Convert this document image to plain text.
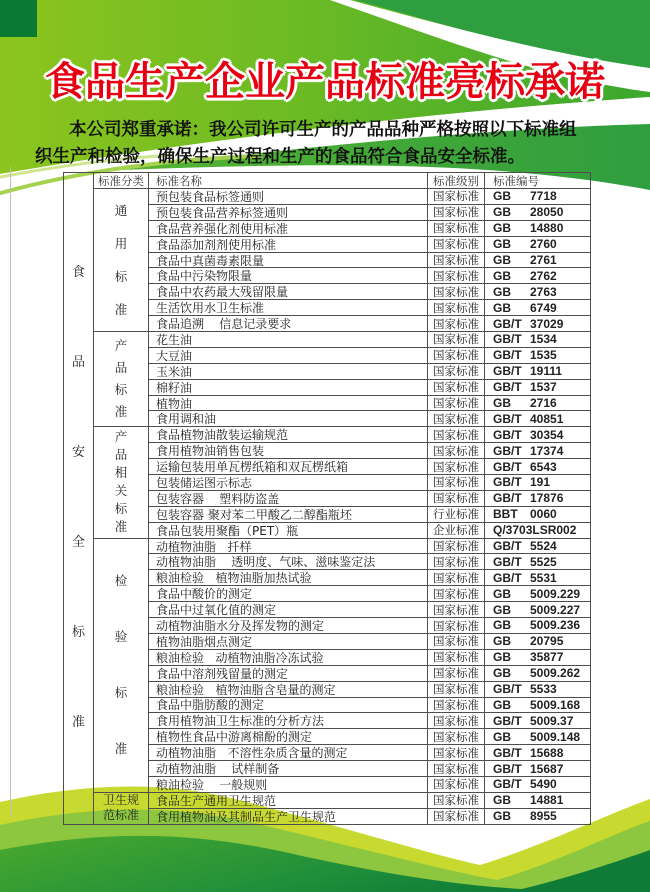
食品生产企业产品标准亮标承诺
本公司郑重承诺：我公司许可生产的产品品种严格按照以下标准组
织生产和检验，确保生产过程和生产的食品符合食品安全标准。
食品安全标准
标准分类	标准名称	标准级别	标准编号
通用标准
预包装食品标签通则	国家标准	GB	7718
预包装食品营养标签通则	国家标准	GB	28050
食品营养强化剂使用标准	国家标准	GB	14880
食品添加剂剂使用标准	国家标准	GB	2760
食品中真菌毒素限量	国家标准	GB	2761
食品中污染物限量	国家标准	GB	2762
食品中农药最大残留限量	国家标准	GB	2763
生活饮用水卫生标准	国家标准	GB	6749
食品追溯    信息记录要求	国家标准	GB/T 37029
产品标准
花生油	国家标准	GB/T 1534
大豆油	国家标准	GB/T 1535
玉米油	国家标准	GB/T 19111
棉籽油	国家标准	GB/T 1537
植物油	国家标准	GB	2716
食用调和油	国家标准	GB/T 40851
产品相关标准
食品植物油散装运输规范	国家标准	GB/T 30354
食用植物油销售包装	国家标准	GB/T 17374
运输包装用单瓦楞纸箱和双瓦楞纸箱	国家标准	GB/T 6543
包装储运图示标志	国家标准	GB/T 191
包装容器    塑料防盗盖	国家标准	GB/T 17876
包装容器 聚对苯二甲酸乙二醇酯瓶坯	行业标准	BBT	0060
食品包装用聚酯（PET）瓶	企业标准	Q/3703LSR 002
检验标准
动植物油脂   扦样	国家标准	GB/T 5524
动植物油脂    透明度、气味、滋味鉴定法	国家标准	GB/T 5525
粮油检验   植物油脂加热试验	国家标准	GB/T 5531
食品中酸价的测定	国家标准	GB	5009.229
食品中过氧化值的测定	国家标准	GB	5009.227
动植物油脂水分及挥发物的测定	国家标准	GB	5009.236
植物油脂烟点测定	国家标准	GB	20795
粮油检验   动植物油脂冷冻试验	国家标准	GB	35877
食品中溶剂残留量的测定	国家标准	GB	5009.262
粮油检验   植物油脂含皂量的测定	国家标准	GB/T 5533
食品中脂肪酸的测定	国家标准	GB	5009.168
食用植物油卫生标准的分析方法	国家标准	GB/T 5009.37
植物性食品中游离棉酚的测定	国家标准	GB	5009.148
动植物油脂   不溶性杂质含量的测定	国家标准	GB/T 15688
动植物油脂    试样制备	国家标准	GB/T 15687
粮油检验    一般规则	国家标准	GB/T 5490
卫生规范标准
食品生产通用卫生规范	国家标准	GB	14881
食用植物油及其制品生产卫生规范	国家标准	GB	8955
